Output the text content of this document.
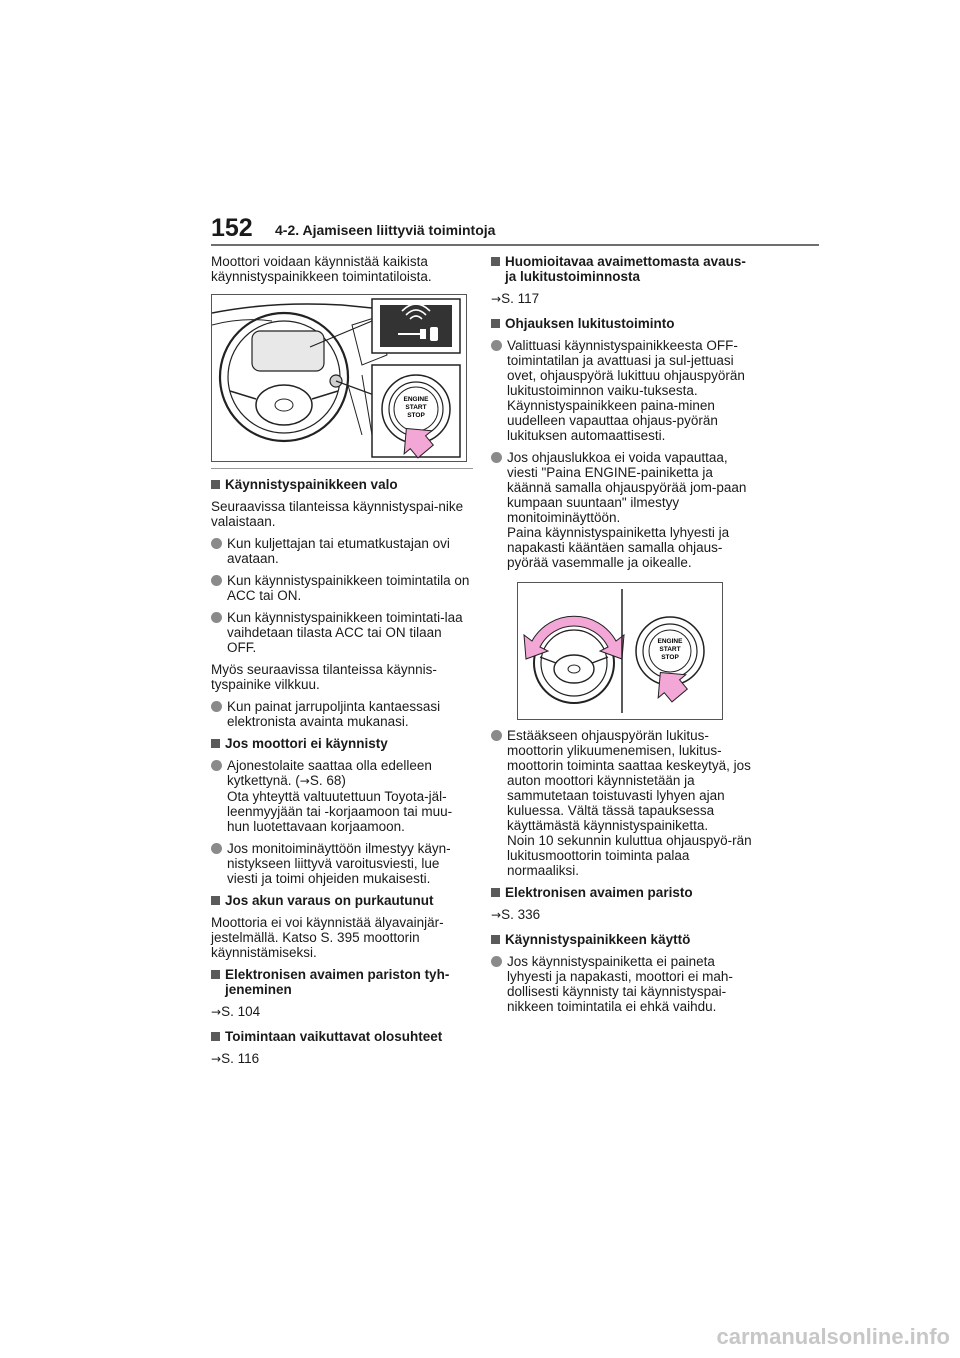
152 4-2. Ajamiseen liittyviä toimintoja

Moottori voidaan käynnistää kaikista käynnistyspainikkeen toimintatiloista.

ENGINE
START
STOP
Käynnistyspainikkeen valo

Seuraavissa tilanteissa käynnistyspai-nike valaistaan.

Kun kuljettajan tai etumatkustajan ovi avataan.
Kun käynnistyspainikkeen toimintatila on ACC tai ON.
Kun käynnistyspainikkeen toimintati-laa vaihdetaan tilasta ACC tai ON tilaan OFF.

Myös seuraavissa tilanteissa käynnis-tyspainike vilkkuu.

Kun painat jarrupoljinta kantaessasi elektronista avainta mukanasi.
Jos moottori ei käynnisty
Ajonestolaite saattaa olla edelleen kytkettynä. (→S. 68)
Ota yhteyttä valtuutettuun Toyota-jäl-leenmyyjään tai -korjaamoon tai muu-hun luotettavaan korjaamoon.
Jos monitoiminäyttöön ilmestyy käyn-nistykseen liittyvä varoitusviesti, lue viesti ja toimi ohjeiden mukaisesti.
Jos akun varaus on purkautunut

Moottoria ei voi käynnistää älyavainjär-jestelmällä. Katso S. 395 moottorin käynnistämiseksi.

Elektronisen avaimen pariston tyh-jeneminen

→S. 104

Toimintaan vaikuttavat olosuhteet

→S. 116

Huomioitavaa avaimettomasta avaus- ja lukitustoiminnosta

→S. 117

Ohjauksen lukitustoiminto
Valittuasi käynnistyspainikkeesta OFF-toimintatilan ja avattuasi ja sul-jettuasi ovet, ohjauspyörä lukittuu ohjauspyörän lukitustoiminnon vaiku-tuksesta. Käynnistyspainikkeen paina-minen uudelleen vapauttaa ohjaus-pyörän lukituksen automaattisesti.
Jos ohjauslukkoa ei voida vapauttaa, viesti "Paina ENGINE-painiketta ja käännä samalla ohjauspyörää jom-paan kumpaan suuntaan" ilmestyy monitoiminäyttöön.
Paina käynnistyspainiketta lyhyesti ja napakasti kääntäen samalla ohjaus-pyörää vasemmalle ja oikealle.
ENGINE
START
STOP
Estääkseen ohjauspyörän lukitus-moottorin ylikuumenemisen, lukitus-moottorin toiminta saattaa keskeytyä, jos auton moottori käynnistetään ja sammutetaan toistuvasti lyhyen ajan kuluessa. Vältä tässä tapauksessa käyttämästä käynnistyspainiketta.
Noin 10 sekunnin kuluttua ohjauspyö-rän lukitusmoottorin toiminta palaa normaaliksi.
Elektronisen avaimen paristo

→S. 336

Käynnistyspainikkeen käyttö
Jos käynnistyspainiketta ei paineta lyhyesti ja napakasti, moottori ei mah-dollisesti käynnisty tai käynnistyspai-nikkeen toimintatila ei ehkä vaihdu.
carmanualsonline.info
